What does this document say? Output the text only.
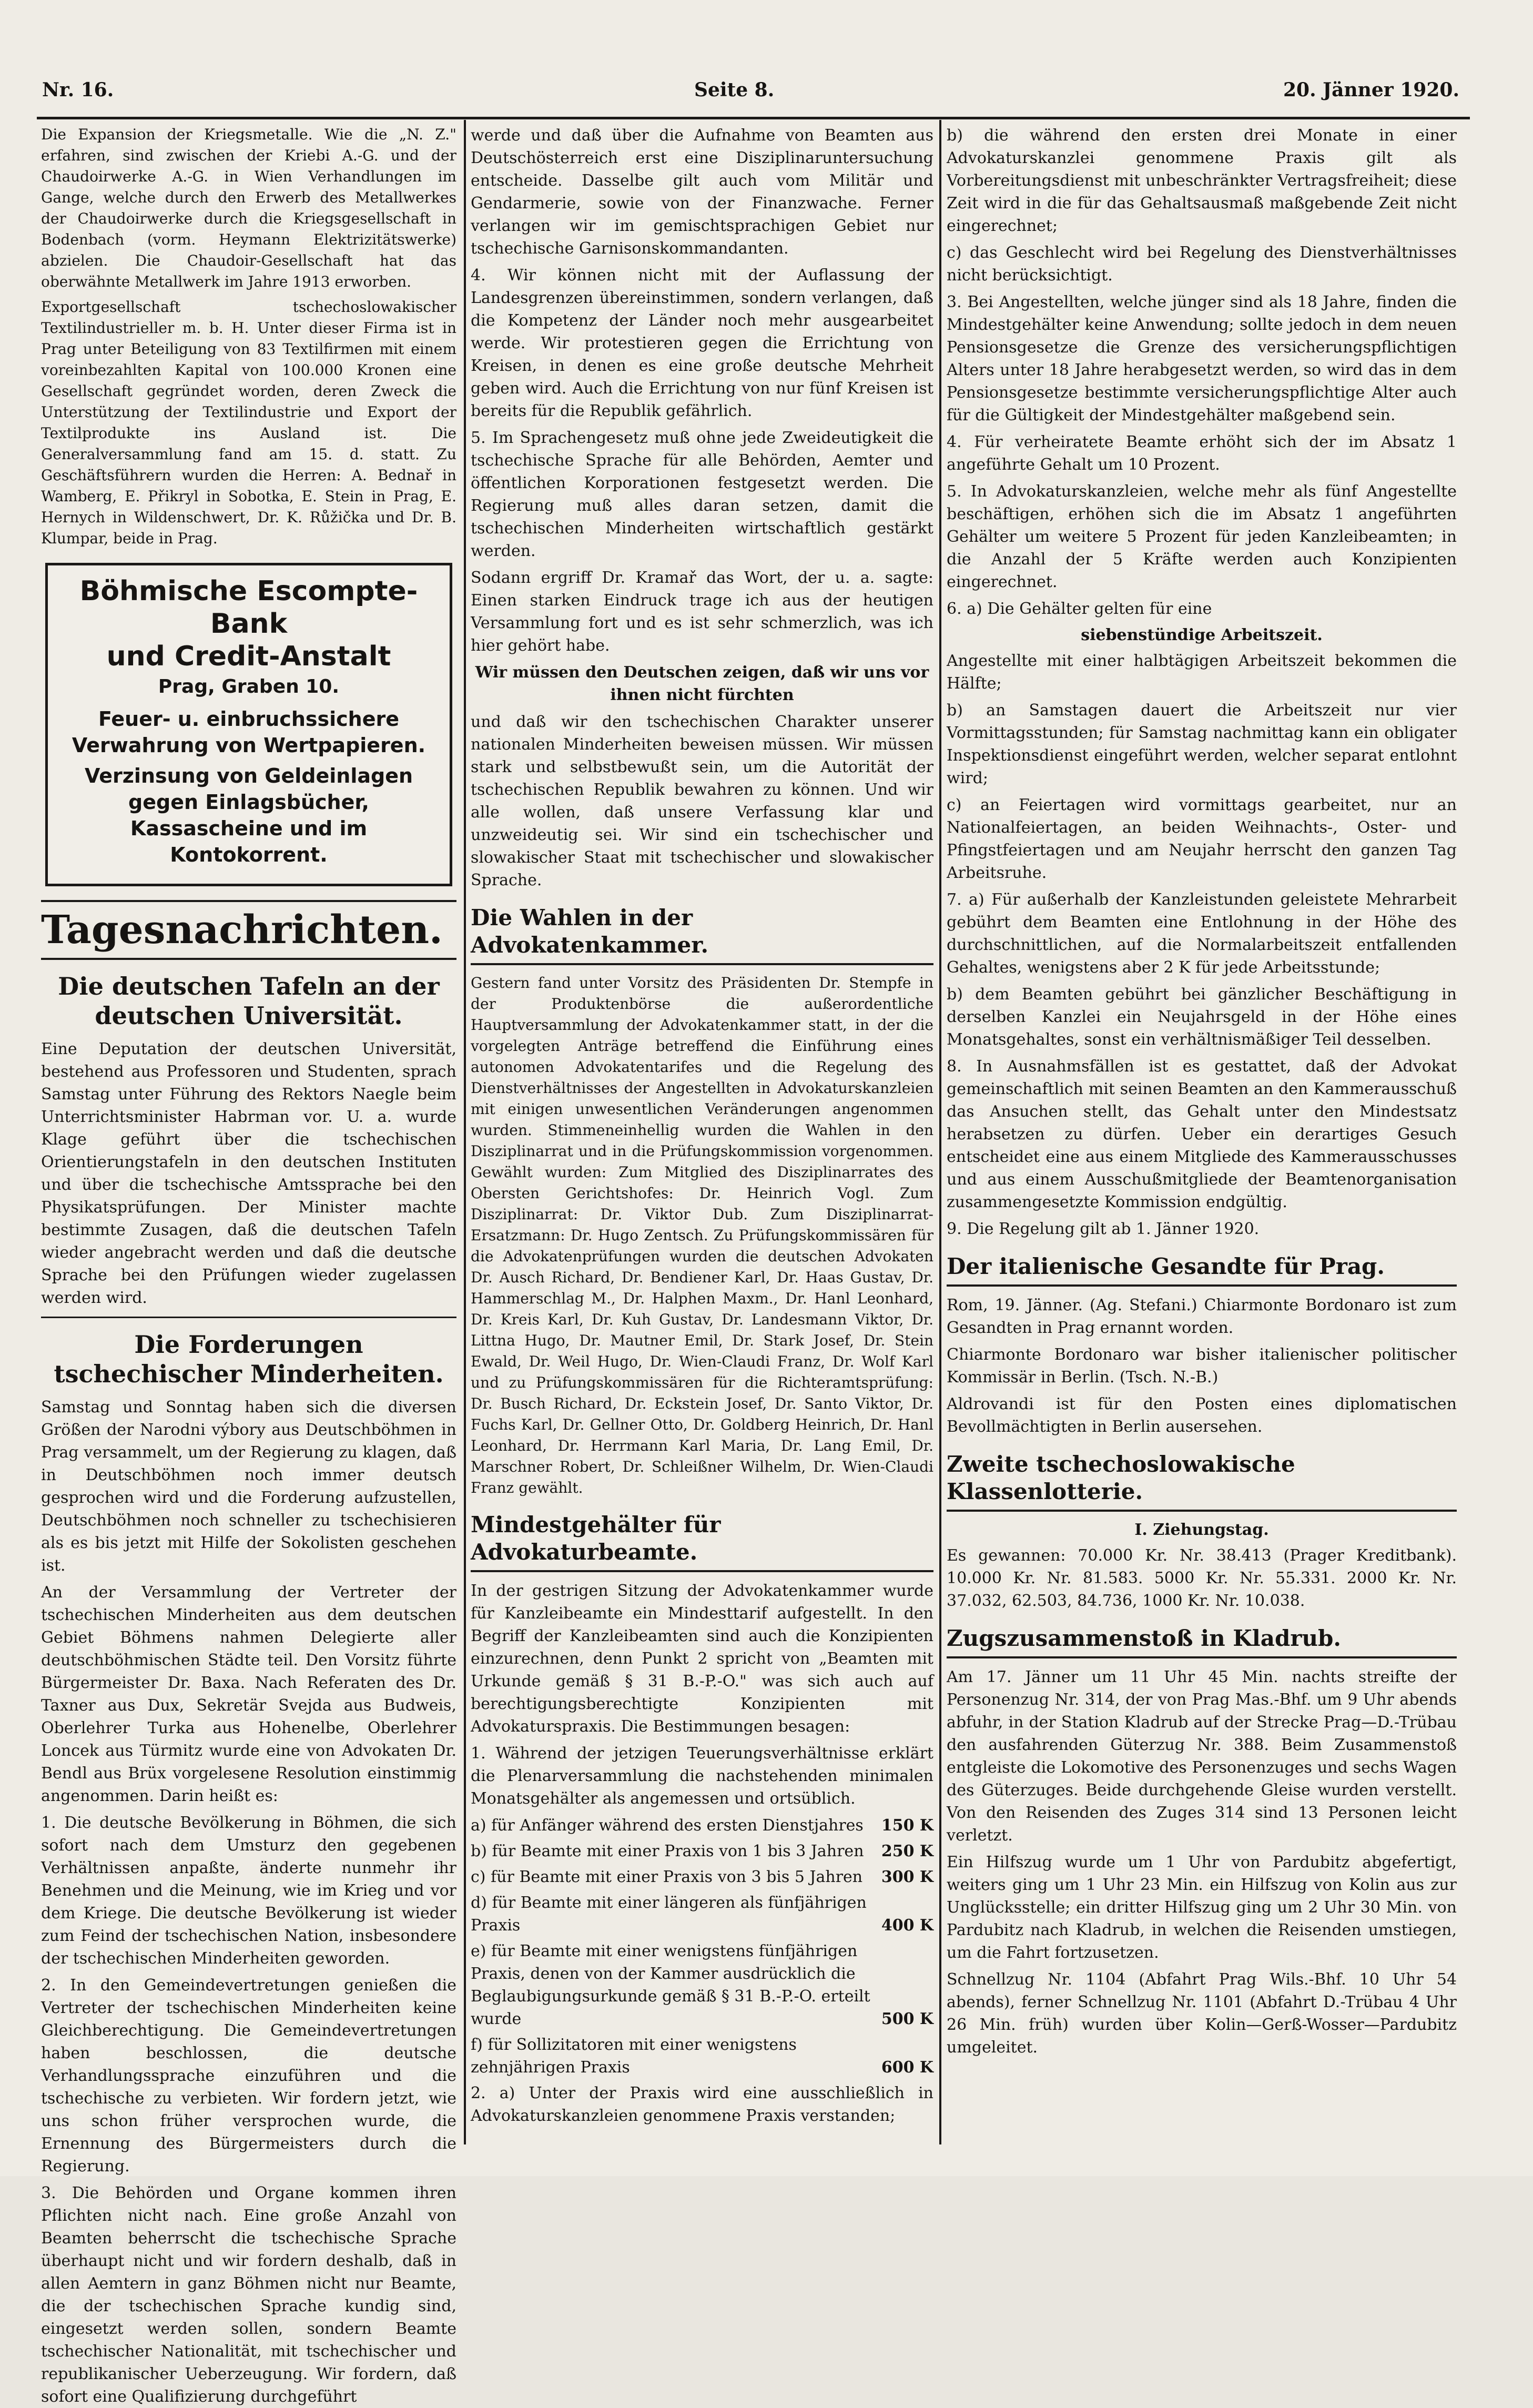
Nr. 16.	Seite 8.	20. Jänner 1920.

Die Expansion der Kriegsmetalle. Wie die „N. Z." erfahren, sind zwischen der Kriebi A.-G. und der Chaudoirwerke A.-G. in Wien Verhandlungen im Gange, welche durch den Erwerb des Metallwerkes der Chaudoirwerke durch die Kriegsgesellschaft in Bodenbach (vorm. Heymann Elektrizitätswerke) abzielen. Die Chaudoir-Gesellschaft hat das oberwähnte Metallwerk im Jahre 1913 erworben.

Exportgesellschaft tschechoslowakischer Textilindustrieller m. b. H. Unter dieser Firma ist in Prag unter Beteiligung von 83 Textilfirmen mit einem voreinbezahlten Kapital von 100.000 Kronen eine Gesellschaft gegründet worden, deren Zweck die Unterstützung der Textilindustrie und Export der Textilprodukte ins Ausland ist. Die Generalversammlung fand am 15. d. statt. Zu Geschäftsführern wurden die Herren: A. Bednař in Wamberg, E. Přikryl in Sobotka, E. Stein in Prag, E. Hernych in Wildenschwert, Dr. K. Růžička und Dr. B. Klumpar, beide in Prag.

Böhmische Escompte-Bank
und Credit-Anstalt
Prag, Graben 10.
Feuer- u. einbruchssichere Verwahrung von Wertpapieren.
Verzinsung von Geldeinlagen gegen Einlagsbücher, Kassascheine und im Kontokorrent.
Tagesnachrichten.
Die deutschen Tafeln an der deutschen Universität.

Eine Deputation der deutschen Universität, bestehend aus Professoren und Studenten, sprach Samstag unter Führung des Rektors Naegle beim Unterrichtsminister Habrman vor. U. a. wurde Klage geführt über die tschechischen Orientierungstafeln in den deutschen Instituten und über die tschechische Amtssprache bei den Physikatsprüfungen. Der Minister machte bestimmte Zusagen, daß die deutschen Tafeln wieder angebracht werden und daß die deutsche Sprache bei den Prüfungen wieder zugelassen werden wird.

Die Forderungen tschechischer Minderheiten.

Samstag und Sonntag haben sich die diversen Größen der Narodni výbory aus Deutschböhmen in Prag versammelt, um der Regierung zu klagen, daß in Deutschböhmen noch immer deutsch gesprochen wird und die Forderung aufzustellen, Deutschböhmen noch schneller zu tschechisieren als es bis jetzt mit Hilfe der Sokolisten geschehen ist.

An der Versammlung der Vertreter der tschechischen Minderheiten aus dem deutschen Gebiet Böhmens nahmen Delegierte aller deutschböhmischen Städte teil. Den Vorsitz führte Bürgermeister Dr. Baxa. Nach Referaten des Dr. Taxner aus Dux, Sekretär Svejda aus Budweis, Oberlehrer Turka aus Hohenelbe, Oberlehrer Loncek aus Türmitz wurde eine von Advokaten Dr. Bendl aus Brüx vorgelesene Resolution einstimmig angenommen. Darin heißt es:

1. Die deutsche Bevölkerung in Böhmen, die sich sofort nach dem Umsturz den gegebenen Verhältnissen anpaßte, änderte nunmehr ihr Benehmen und die Meinung, wie im Krieg und vor dem Kriege. Die deutsche Bevölkerung ist wieder zum Feind der tschechischen Nation, insbesondere der tschechischen Minderheiten geworden.

2. In den Gemeindevertretungen genießen die Vertreter der tschechischen Minderheiten keine Gleichberechtigung. Die Gemeindevertretungen haben beschlossen, die deutsche Verhandlungssprache einzuführen und die tschechische zu verbieten. Wir fordern jetzt, wie uns schon früher versprochen wurde, die Ernennung des Bürgermeisters durch die Regierung.

3. Die Behörden und Organe kommen ihren Pflichten nicht nach. Eine große Anzahl von Beamten beherrscht die tschechische Sprache überhaupt nicht und wir fordern deshalb, daß in allen Aemtern in ganz Böhmen nicht nur Beamte, die der tschechischen Sprache kundig sind, eingesetzt werden sollen, sondern Beamte tschechischer Nationalität, mit tschechischer und republikanischer Ueberzeugung. Wir fordern, daß sofort eine Qualifizierung durchgeführt

werde und daß über die Aufnahme von Beamten aus Deutschösterreich erst eine Disziplinaruntersuchung entscheide. Dasselbe gilt auch vom Militär und Gendarmerie, sowie von der Finanzwache. Ferner verlangen wir im gemischtsprachigen Gebiet nur tschechische Garnisonskommandanten.

4. Wir können nicht mit der Auflassung der Landesgrenzen übereinstimmen, sondern verlangen, daß die Kompetenz der Länder noch mehr ausgearbeitet werde. Wir protestieren gegen die Errichtung von Kreisen, in denen es eine große deutsche Mehrheit geben wird. Auch die Errichtung von nur fünf Kreisen ist bereits für die Republik gefährlich.

5. Im Sprachengesetz muß ohne jede Zweideutigkeit die tschechische Sprache für alle Behörden, Aemter und öffentlichen Korporationen festgesetzt werden. Die Regierung muß alles daran setzen, damit die tschechischen Minderheiten wirtschaftlich gestärkt werden.

Sodann ergriff Dr. Kramař das Wort, der u. a. sagte: Einen starken Eindruck trage ich aus der heutigen Versammlung fort und es ist sehr schmerzlich, was ich hier gehört habe.

Wir müssen den Deutschen zeigen, daß wir uns vor ihnen nicht fürchten

und daß wir den tschechischen Charakter unserer nationalen Minderheiten beweisen müssen. Wir müssen stark und selbstbewußt sein, um die Autorität der tschechischen Republik bewahren zu können. Und wir alle wollen, daß unsere Verfassung klar und unzweideutig sei. Wir sind ein tschechischer und slowakischer Staat mit tschechischer und slowakischer Sprache.

Die Wahlen in der Advokatenkammer.

Gestern fand unter Vorsitz des Präsidenten Dr. Stempfe in der Produktenbörse die außerordentliche Hauptversammlung der Advokatenkammer statt, in der die vorgelegten Anträge betreffend die Einführung eines autonomen Advokatentarifes und die Regelung des Dienstverhältnisses der Angestellten in Advokaturskanzleien mit einigen unwesentlichen Veränderungen angenommen wurden. Stimmeneinhellig wurden die Wahlen in den Disziplinarrat und in die Prüfungskommission vorgenommen. Gewählt wurden: Zum Mitglied des Disziplinarrates des Obersten Gerichtshofes: Dr. Heinrich Vogl. Zum Disziplinarrat: Dr. Viktor Dub. Zum Disziplinarrat-Ersatzmann: Dr. Hugo Zentsch. Zu Prüfungskommissären für die Advokatenprüfungen wurden die deutschen Advokaten Dr. Ausch Richard, Dr. Bendiener Karl, Dr. Haas Gustav, Dr. Hammerschlag M., Dr. Halphen Maxm., Dr. Hanl Leonhard, Dr. Kreis Karl, Dr. Kuh Gustav, Dr. Landesmann Viktor, Dr. Littna Hugo, Dr. Mautner Emil, Dr. Stark Josef, Dr. Stein Ewald, Dr. Weil Hugo, Dr. Wien-Claudi Franz, Dr. Wolf Karl und zu Prüfungskommissären für die Richteramtsprüfung: Dr. Busch Richard, Dr. Eckstein Josef, Dr. Santo Viktor, Dr. Fuchs Karl, Dr. Gellner Otto, Dr. Goldberg Heinrich, Dr. Hanl Leonhard, Dr. Herrmann Karl Maria, Dr. Lang Emil, Dr. Marschner Robert, Dr. Schleißner Wilhelm, Dr. Wien-Claudi Franz gewählt.

Mindestgehälter für Advokaturbeamte.

In der gestrigen Sitzung der Advokatenkammer wurde für Kanzleibeamte ein Mindesttarif aufgestellt. In den Begriff der Kanzleibeamten sind auch die Konzipienten einzurechnen, denn Punkt 2 spricht von „Beamten mit Urkunde gemäß § 31 B.-P.-O." was sich auch auf berechtigungsberechtigte Konzipienten mit Advokaturspraxis. Die Bestimmungen besagen:

1. Während der jetzigen Teuerungsverhältnisse erklärt die Plenarversammlung die nachstehenden minimalen Monatsgehälter als angemessen und ortsüblich.

a) für Anfänger während des ersten Dienstjahres	150 K
b) für Beamte mit einer Praxis von 1 bis 3 Jahren	250 K
c) für Beamte mit einer Praxis von 3 bis 5 Jahren	300 K
d) für Beamte mit einer längeren als fünfjährigen Praxis	400 K
e) für Beamte mit einer wenigstens fünfjährigen Praxis, denen von der Kammer ausdrücklich die Beglaubigungsurkunde gemäß § 31 B.-P.-O. erteilt wurde	500 K
f) für Sollizitatoren mit einer wenigstens zehnjährigen Praxis	600 K

2. a) Unter der Praxis wird eine ausschließlich in Advokaturskanzleien genommene Praxis verstanden;

b) die während den ersten drei Monate in einer Advokaturskanzlei genommene Praxis gilt als Vorbereitungsdienst mit unbeschränkter Vertragsfreiheit; diese Zeit wird in die für das Gehaltsausmaß maßgebende Zeit nicht eingerechnet;

c) das Geschlecht wird bei Regelung des Dienstverhältnisses nicht berücksichtigt.

3. Bei Angestellten, welche jünger sind als 18 Jahre, finden die Mindestgehälter keine Anwendung; sollte jedoch in dem neuen Pensionsgesetze die Grenze des versicherungspflichtigen Alters unter 18 Jahre herabgesetzt werden, so wird das in dem Pensionsgesetze bestimmte versicherungspflichtige Alter auch für die Gültigkeit der Mindestgehälter maßgebend sein.

4. Für verheiratete Beamte erhöht sich der im Absatz 1 angeführte Gehalt um 10 Prozent.

5. In Advokaturskanzleien, welche mehr als fünf Angestellte beschäftigen, erhöhen sich die im Absatz 1 angeführten Gehälter um weitere 5 Prozent für jeden Kanzleibeamten; in die Anzahl der 5 Kräfte werden auch Konzipienten eingerechnet.

6. a) Die Gehälter gelten für eine

siebenstündige Arbeitszeit.

Angestellte mit einer halbtägigen Arbeitszeit bekommen die Hälfte;

b) an Samstagen dauert die Arbeitszeit nur vier Vormittagsstunden; für Samstag nachmittag kann ein obligater Inspektionsdienst eingeführt werden, welcher separat entlohnt wird;

c) an Feiertagen wird vormittags gearbeitet, nur an Nationalfeiertagen, an beiden Weihnachts-, Oster- und Pfingstfeiertagen und am Neujahr herrscht den ganzen Tag Arbeitsruhe.

7. a) Für außerhalb der Kanzleistunden geleistete Mehrarbeit gebührt dem Beamten eine Entlohnung in der Höhe des durchschnittlichen, auf die Normalarbeitszeit entfallenden Gehaltes, wenigstens aber 2 K für jede Arbeitsstunde;

b) dem Beamten gebührt bei gänzlicher Beschäftigung in derselben Kanzlei ein Neujahrsgeld in der Höhe eines Monatsgehaltes, sonst ein verhältnismäßiger Teil desselben.

8. In Ausnahmsfällen ist es gestattet, daß der Advokat gemeinschaftlich mit seinen Beamten an den Kammerausschuß das Ansuchen stellt, das Gehalt unter den Mindestsatz herabsetzen zu dürfen. Ueber ein derartiges Gesuch entscheidet eine aus einem Mitgliede des Kammerausschusses und aus einem Ausschußmitgliede der Beamtenorganisation zusammengesetzte Kommission endgültig.

9. Die Regelung gilt ab 1. Jänner 1920.

Der italienische Gesandte für Prag.

Rom, 19. Jänner. (Ag. Stefani.) Chiarmonte Bordonaro ist zum Gesandten in Prag ernannt worden.

Chiarmonte Bordonaro war bisher italienischer politischer Kommissär in Berlin. (Tsch. N.-B.)

Aldrovandi ist für den Posten eines diplomatischen Bevollmächtigten in Berlin ausersehen.

Zweite tschechoslowakische Klassenlotterie.
I. Ziehungstag.

Es gewannen: 70.000 Kr. Nr. 38.413 (Prager Kreditbank). 10.000 Kr. Nr. 81.583. 5000 Kr. Nr. 55.331. 2000 Kr. Nr. 37.032, 62.503, 84.736, 1000 Kr. Nr. 10.038.

Zugszusammenstoß in Kladrub.

Am 17. Jänner um 11 Uhr 45 Min. nachts streifte der Personenzug Nr. 314, der von Prag Mas.-Bhf. um 9 Uhr abends abfuhr, in der Station Kladrub auf der Strecke Prag—D.-Trübau den ausfahrenden Güterzug Nr. 388. Beim Zusammenstoß entgleiste die Lokomotive des Personenzuges und sechs Wagen des Güterzuges. Beide durchgehende Gleise wurden verstellt. Von den Reisenden des Zuges 314 sind 13 Personen leicht verletzt.

Ein Hilfszug wurde um 1 Uhr von Pardubitz abgefertigt, weiters ging um 1 Uhr 23 Min. ein Hilfszug von Kolin aus zur Unglücksstelle; ein dritter Hilfszug ging um 2 Uhr 30 Min. von Pardubitz nach Kladrub, in welchen die Reisenden umstiegen, um die Fahrt fortzusetzen.

Schnellzug Nr. 1104 (Abfahrt Prag Wils.-Bhf. 10 Uhr 54 abends), ferner Schnellzug Nr. 1101 (Abfahrt D.-Trübau 4 Uhr 26 Min. früh) wurden über Kolin—Gerß-Wosser—Pardubitz umgeleitet.
